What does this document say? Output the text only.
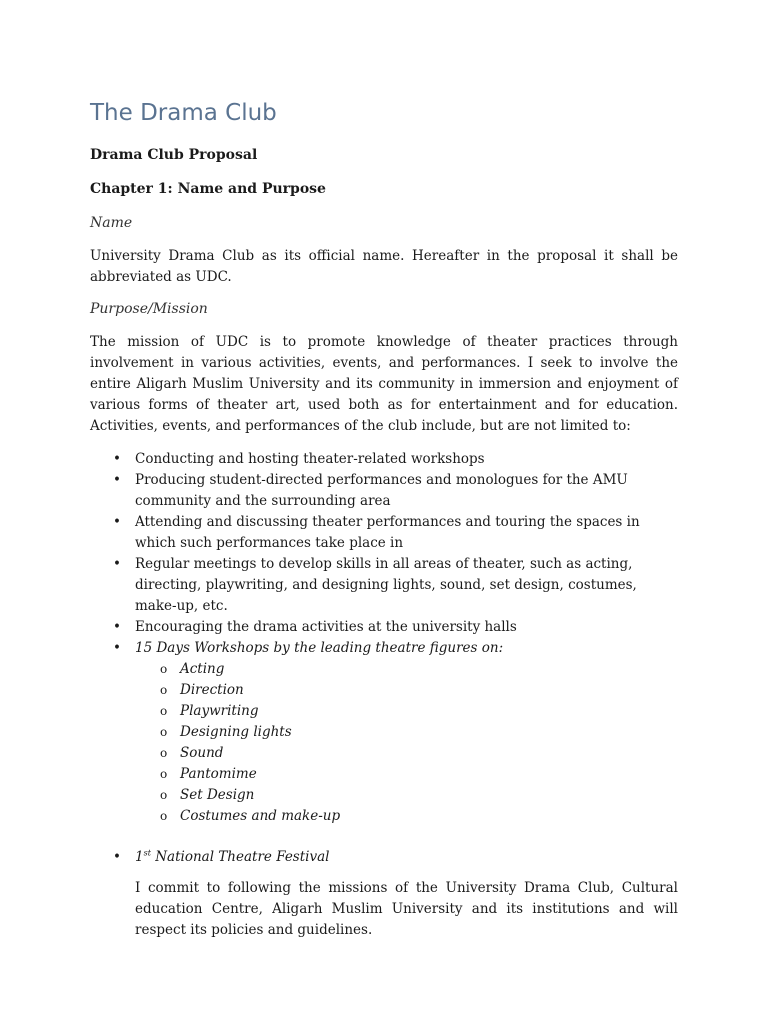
The Drama Club
Drama Club Proposal
Chapter 1: Name and Purpose
Name

University Drama Club as its official name. Hereafter in the proposal it shall be abbreviated as UDC.

Purpose/Mission

The mission of UDC is to promote knowledge of theater practices through involvement in various activities, events, and performances. I seek to involve the entire Aligarh Muslim University and its community in immersion and enjoyment of various forms of theater art, used both as for entertainment and for education. Activities, events, and performances of the club include, but are not limited to:

• Conducting and hosting theater-related workshops
• Producing student-directed performances and monologues for the AMU community and the surrounding area
• Attending and discussing theater performances and touring the spaces in which such performances take place in
• Regular meetings to develop skills in all areas of theater, such as acting, directing, playwriting, and designing lights, sound, set design, costumes, make-up, etc.
• Encouraging the drama activities at the university halls
• 15 Days Workshops by the leading theatre figures on:
o Acting
o Direction
o Playwriting
o Designing lights
o Sound
o Pantomime
o Set Design
o Costumes and make-up
• 1st National Theatre Festival

I commit to following the missions of the University Drama Club, Cultural education Centre, Aligarh Muslim University and its institutions and will respect its policies and guidelines.
